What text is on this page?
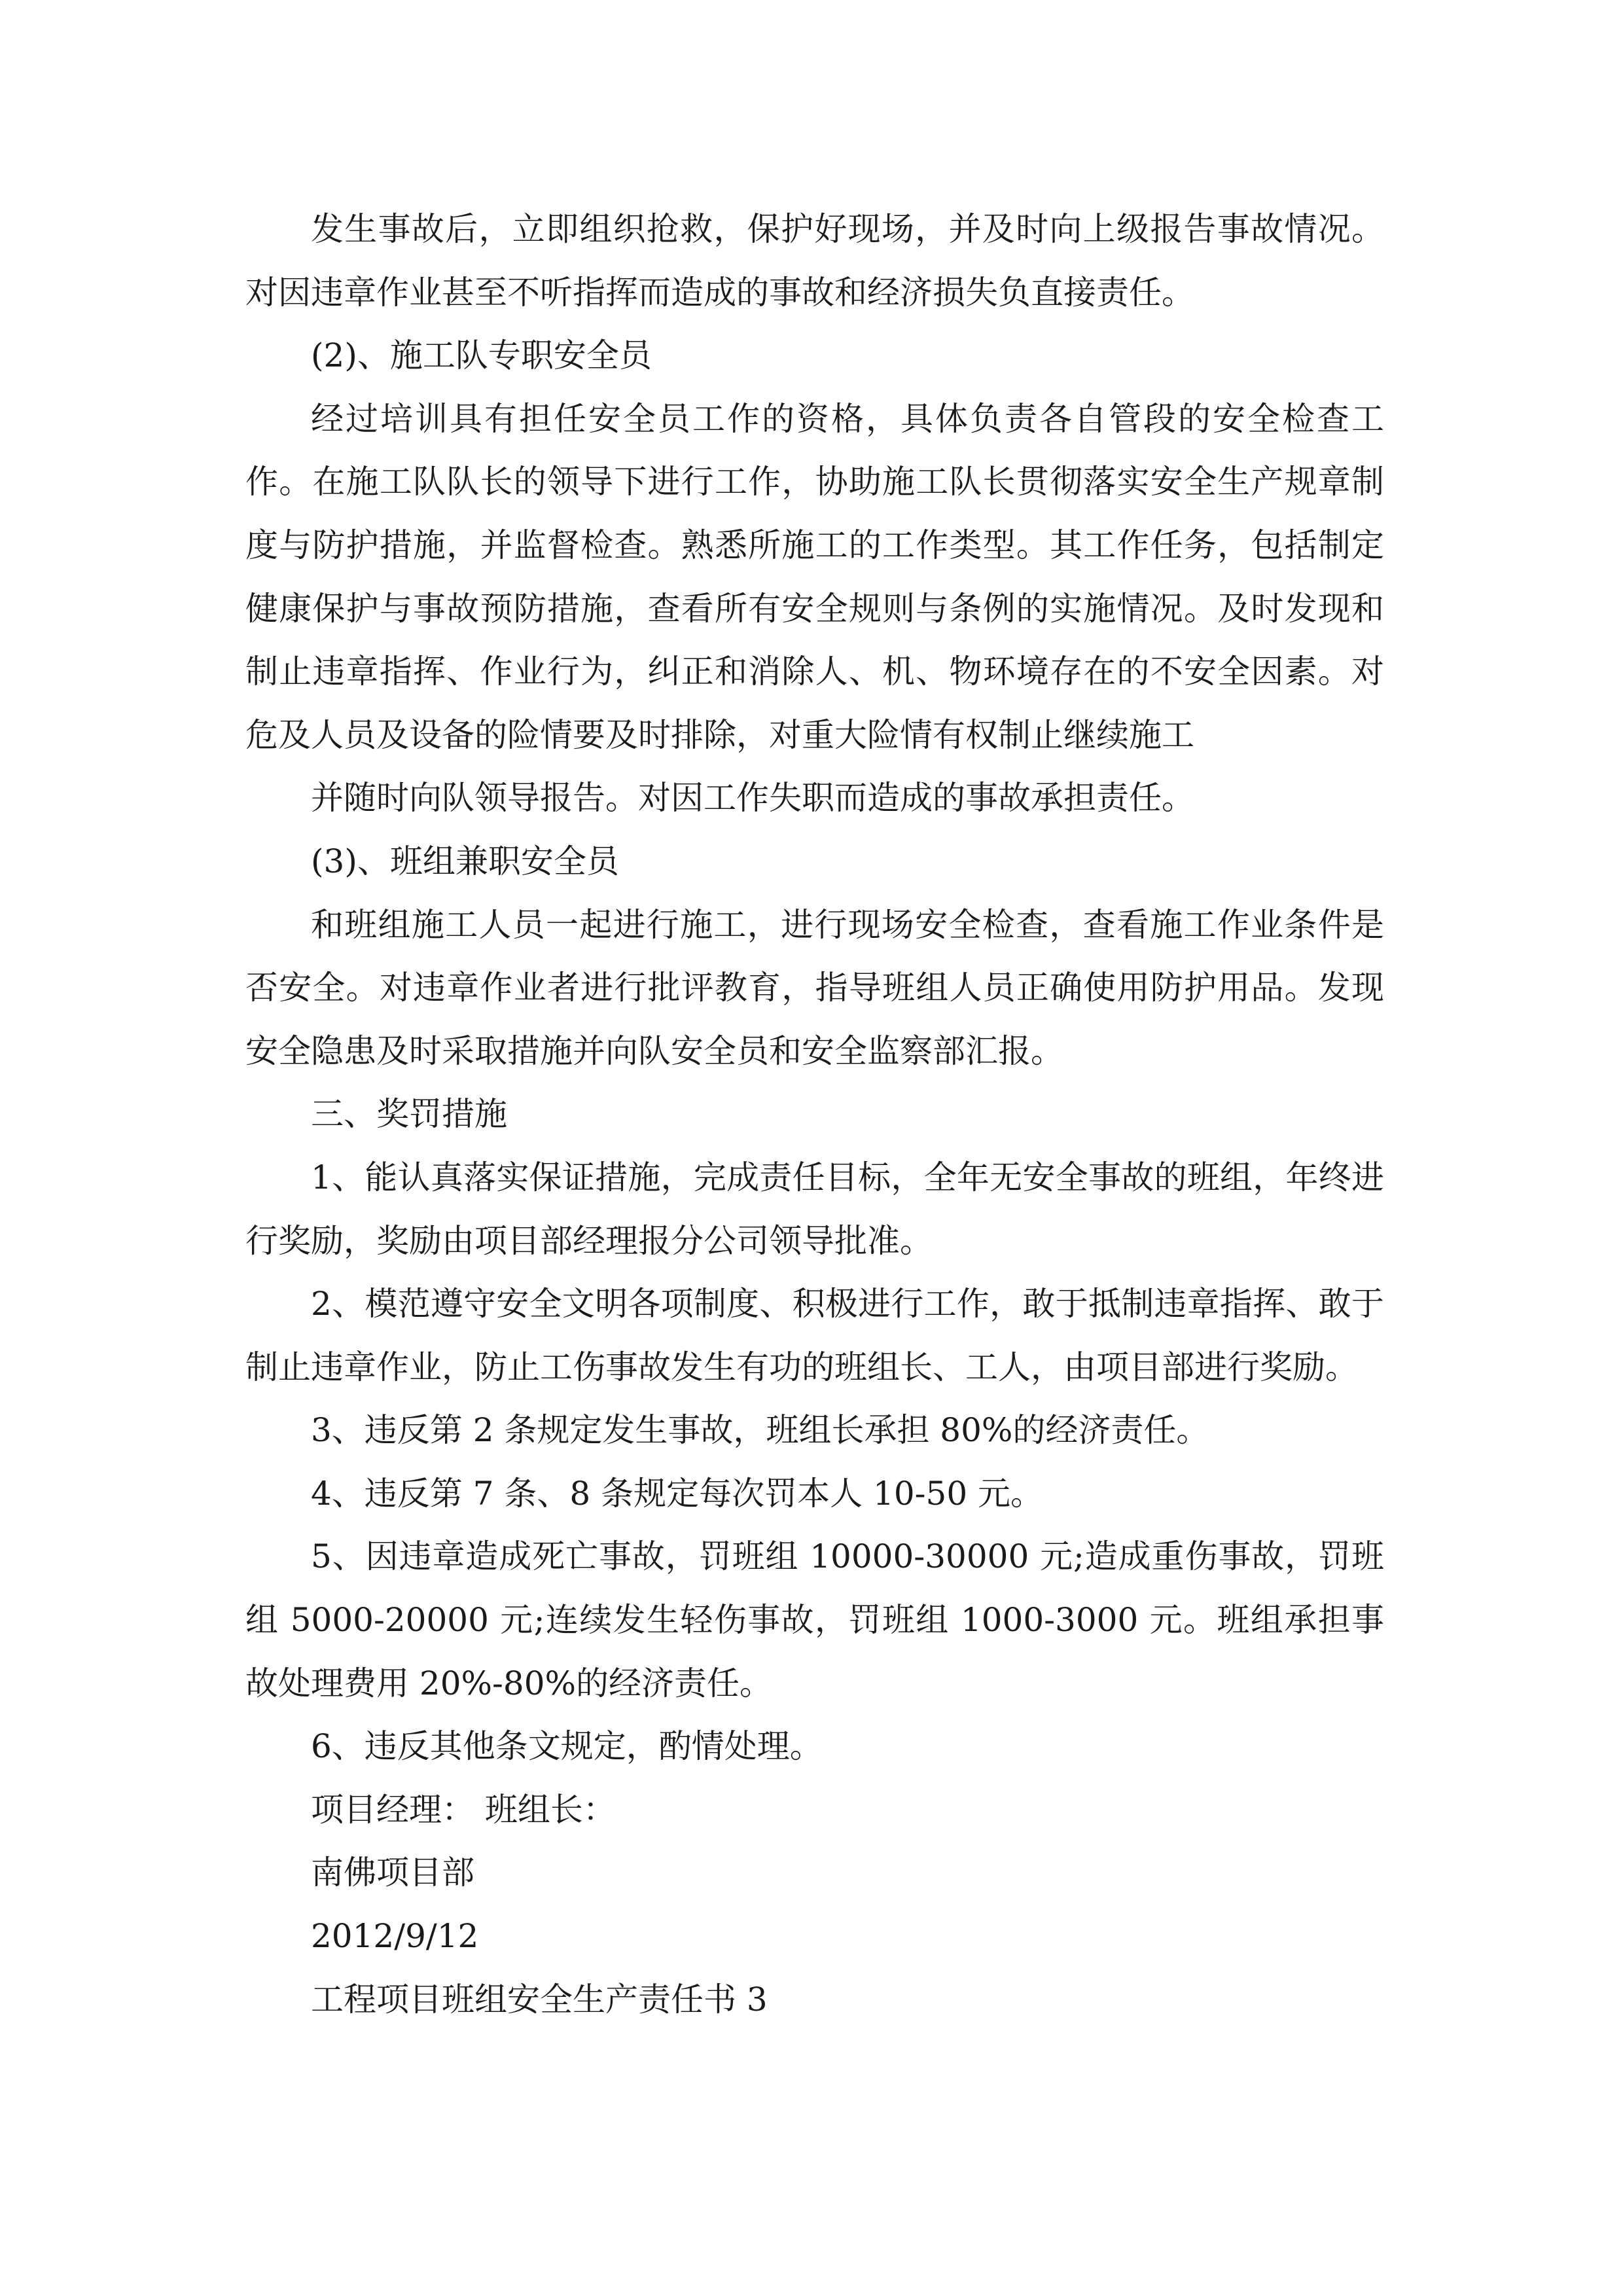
发生事故后，立即组织抢救，保护好现场，并及时向上级报告事故情况。对因违章作业甚至不听指挥而造成的事故和经济损失负直接责任。

(2)、施工队专职安全员

经过培训具有担任安全员工作的资格，具体负责各自管段的安全检查工作。在施工队队长的领导下进行工作，协助施工队长贯彻落实安全生产规章制度与防护措施，并监督检查。熟悉所施工的工作类型。其工作任务，包括制定健康保护与事故预防措施，查看所有安全规则与条例的实施情况。及时发现和制止违章指挥、作业行为，纠正和消除人、机、物环境存在的不安全因素。对危及人员及设备的险情要及时排除，对重大险情有权制止继续施工

并随时向队领导报告。对因工作失职而造成的事故承担责任。

(3)、班组兼职安全员

和班组施工人员一起进行施工，进行现场安全检查，查看施工作业条件是否安全。对违章作业者进行批评教育，指导班组人员正确使用防护用品。发现安全隐患及时采取措施并向队安全员和安全监察部汇报。

三、奖罚措施

1、能认真落实保证措施，完成责任目标，全年无安全事故的班组，年终进行奖励，奖励由项目部经理报分公司领导批准。

2、模范遵守安全文明各项制度、积极进行工作，敢于抵制违章指挥、敢于制止违章作业，防止工伤事故发生有功的班组长、工人，由项目部进行奖励。

3、违反第 2 条规定发生事故，班组长承担 80%的经济责任。

4、违反第 7 条、8 条规定每次罚本人 10-50 元。

5、因违章造成死亡事故，罚班组 10000-30000 元;造成重伤事故，罚班组 5000-20000 元;连续发生轻伤事故，罚班组 1000-3000 元。班组承担事故处理费用 20%-80%的经济责任。

6、违反其他条文规定，酌情处理。

项目经理： 班组长：

南佛项目部

2012/9/12

工程项目班组安全生产责任书 3
